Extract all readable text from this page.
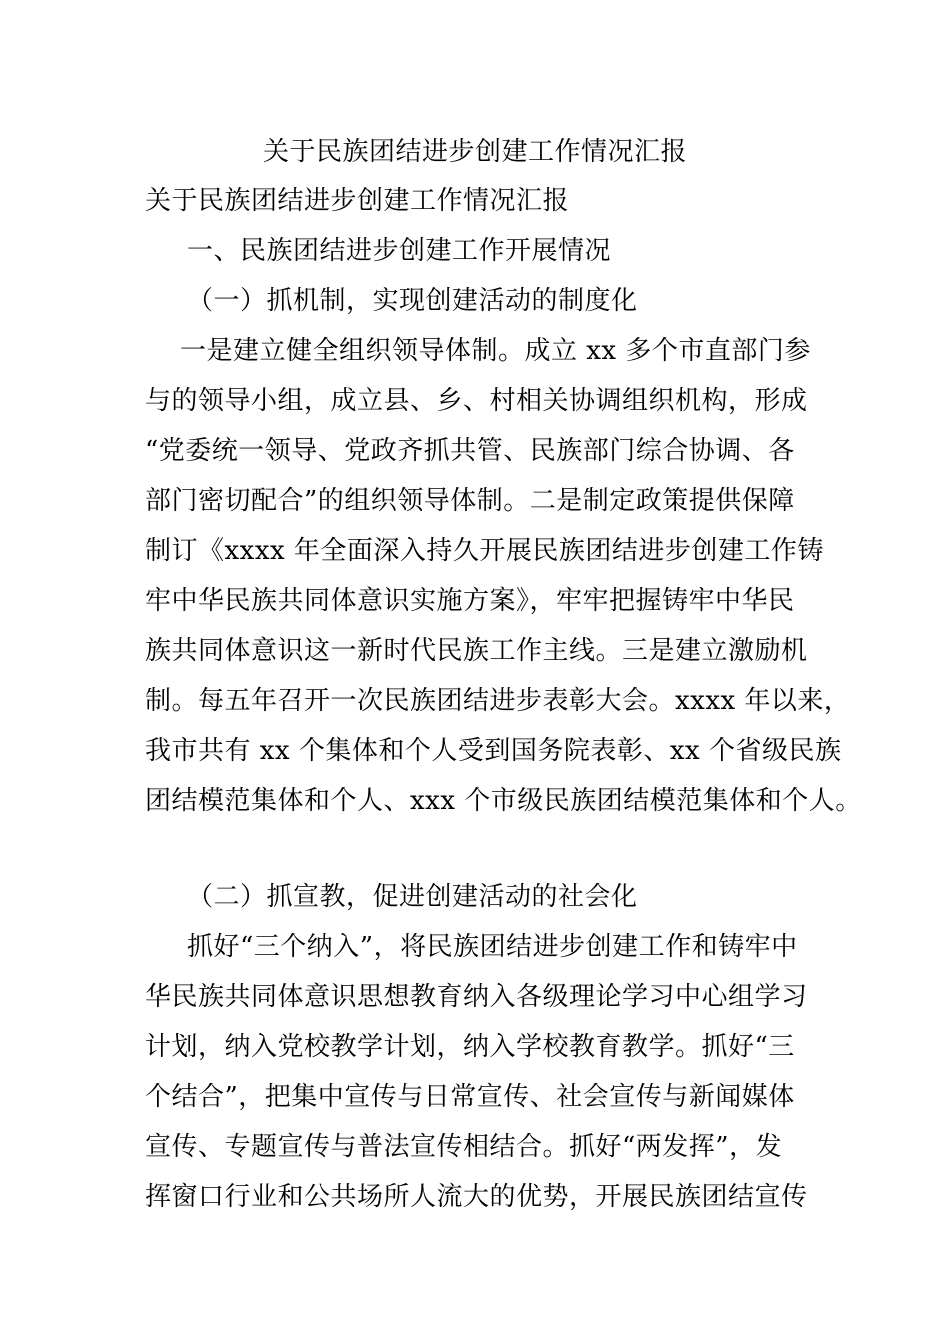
关于民族团结进步创建工作情况汇报
关于民族团结进步创建工作情况汇报
一、民族团结进步创建工作开展情况
（一）抓机制，实现创建活动的制度化
一是建立健全组织领导体制。成立 xx 多个市直部门参
与的领导小组，成立县、乡、村相关协调组织机构，形成
“党委统一领导、党政齐抓共管、民族部门综合协调、各
部门密切配合”的组织领导体制。二是制定政策提供保障
制订《xxxx 年全面深入持久开展民族团结进步创建工作铸
牢中华民族共同体意识实施方案》，牢牢把握铸牢中华民
族共同体意识这一新时代民族工作主线。三是建立激励机
制。每五年召开一次民族团结进步表彰大会。xxxx 年以来，
我市共有 xx 个集体和个人受到国务院表彰、xx 个省级民族
团结模范集体和个人、xxx 个市级民族团结模范集体和个人。
（二）抓宣教，促进创建活动的社会化
抓好“三个纳入”，将民族团结进步创建工作和铸牢中
华民族共同体意识思想教育纳入各级理论学习中心组学习
计划，纳入党校教学计划，纳入学校教育教学。抓好“三
个结合”，把集中宣传与日常宣传、社会宣传与新闻媒体
宣传、专题宣传与普法宣传相结合。抓好“两发挥”，发
挥窗口行业和公共场所人流大的优势，开展民族团结宣传
